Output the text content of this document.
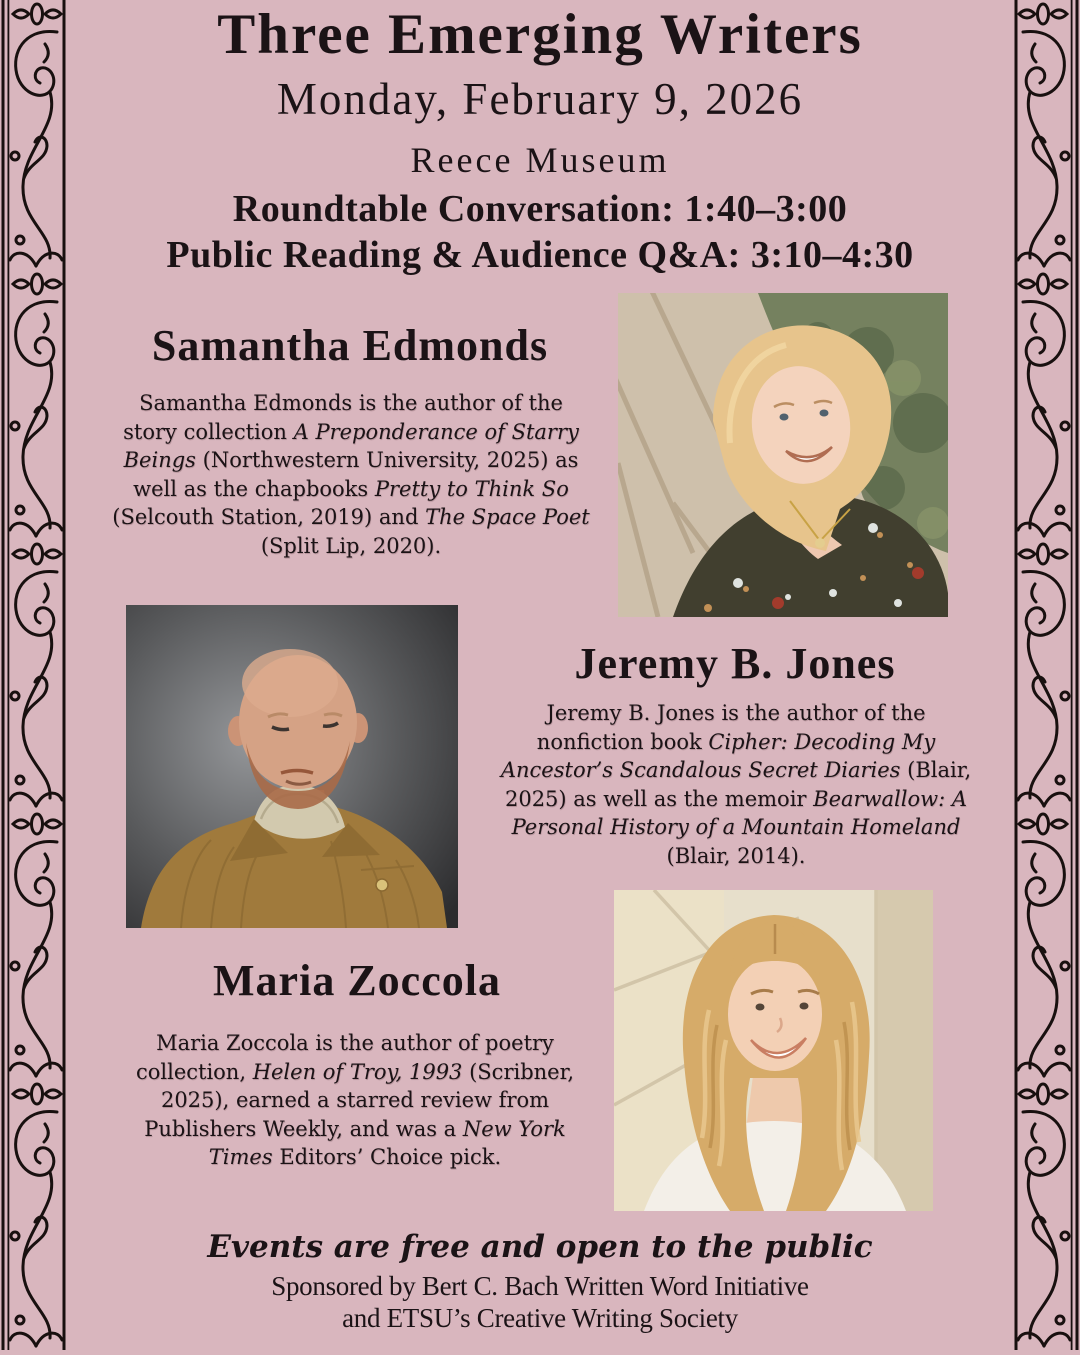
Three Emerging Writers
Monday, February 9, 2026
Reece Museum
Roundtable Conversation: 1:40–3:00
Public Reading & Audience Q&A: 3:10–4:30
Samantha Edmonds
Samantha Edmonds is the author of the story collection A Preponderance of Starry Beings (Northwestern University, 2025) as well as the chapbooks Pretty to Think So (Selcouth Station, 2019) and The Space Poet (Split Lip, 2020).
Jeremy B. Jones
Jeremy B. Jones is the author of the nonfiction book Cipher: Decoding My Ancestor’s Scandalous Secret Diaries (Blair, 2025) as well as the memoir Bearwallow: A Personal History of a Mountain Homeland (Blair, 2014).
Maria Zoccola
Maria Zoccola is the author of poetry collection, Helen of Troy, 1993 (Scribner, 2025), earned a starred review from Publishers Weekly, and was a New York Times Editors’ Choice pick.
Events are free and open to the public
Sponsored by Bert C. Bach Written Word Initiative
and ETSU’s Creative Writing Society
